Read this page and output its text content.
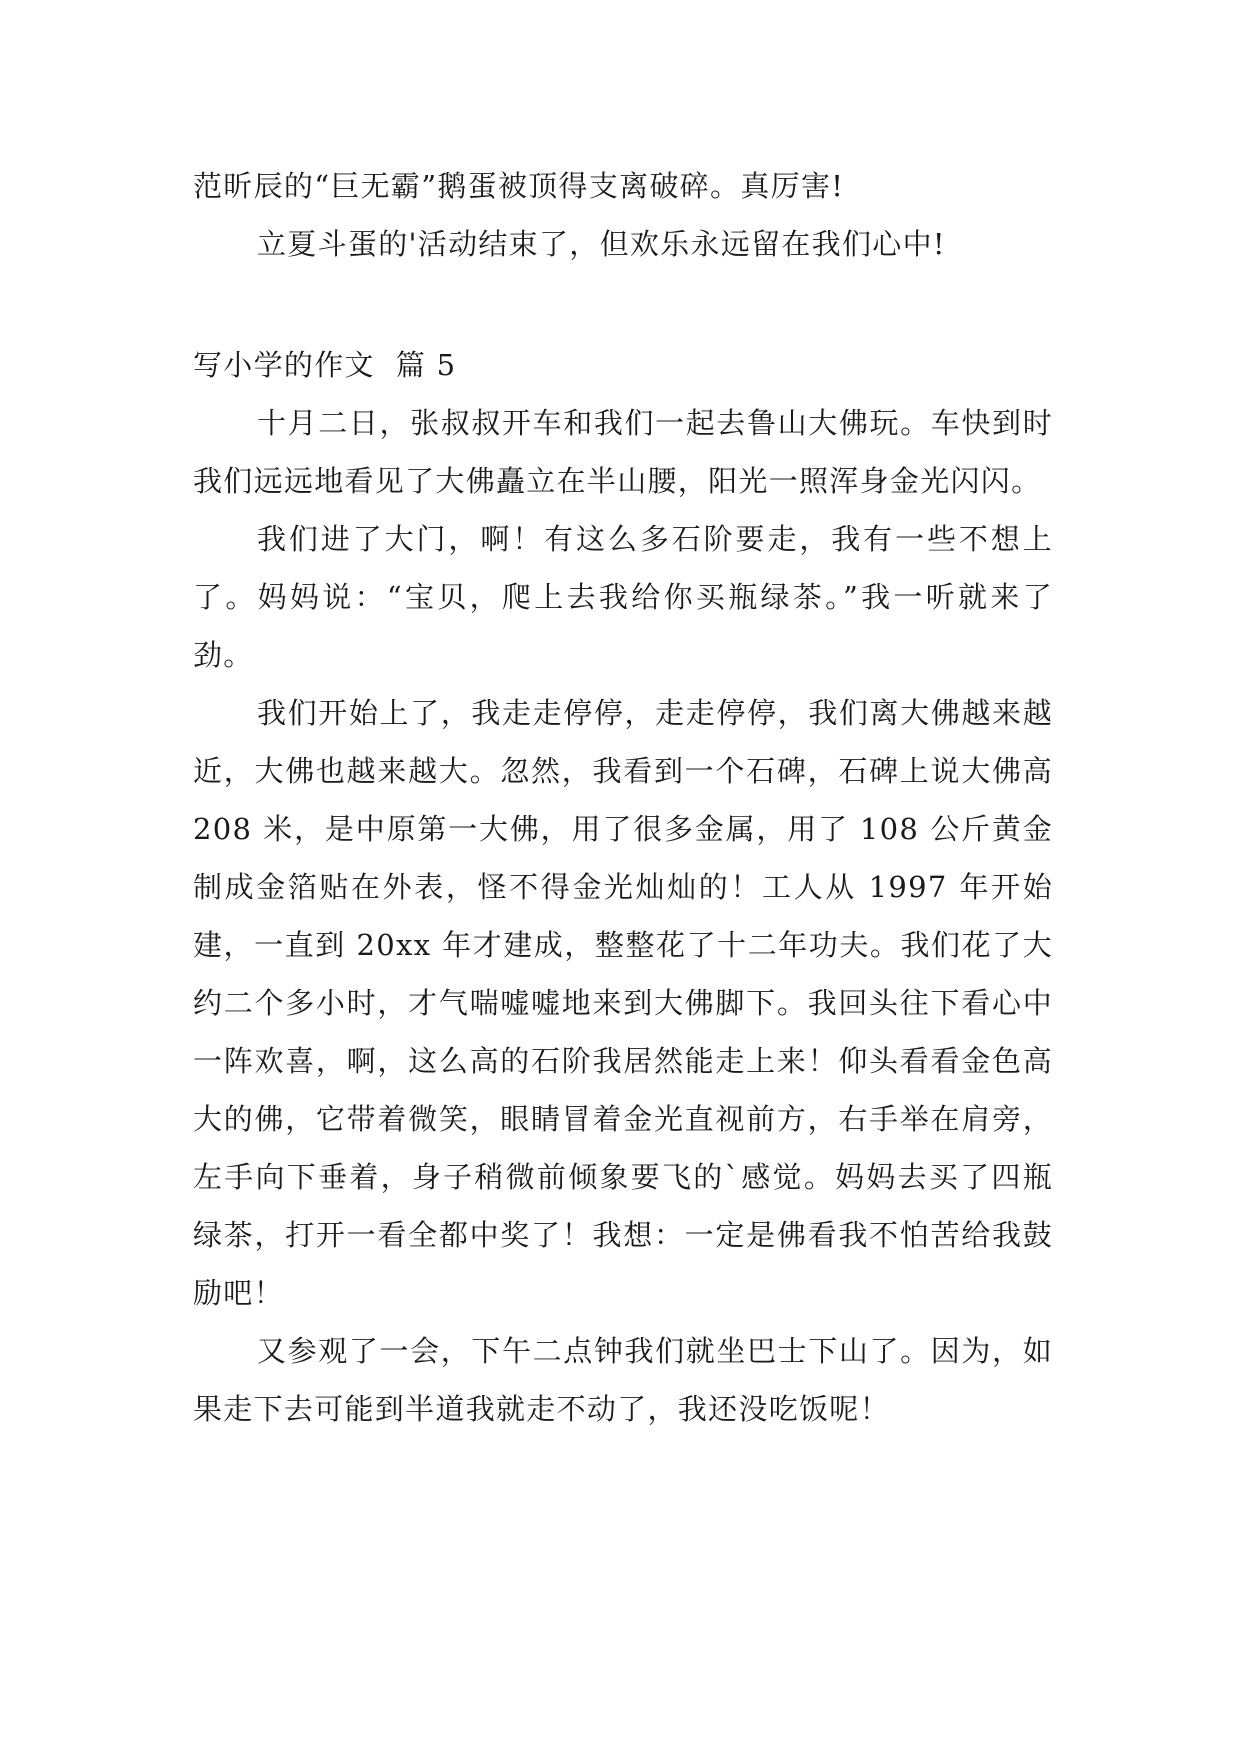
范昕辰的“巨无霸”鹅蛋被顶得支离破碎。真厉害!

立夏斗蛋的'活动结束了，但欢乐永远留在我们心中!

写小学的作文  篇 5

十月二日，张叔叔开车和我们一起去鲁山大佛玩。车快到时我们远远地看见了大佛矗立在半山腰，阳光一照浑身金光闪闪。

我们进了大门，啊！有这么多石阶要走，我有一些不想上了。妈妈说：“宝贝，爬上去我给你买瓶绿茶。”我一听就来了劲。

我们开始上了，我走走停停，走走停停，我们离大佛越来越近，大佛也越来越大。忽然，我看到一个石碑，石碑上说大佛高 208 米，是中原第一大佛，用了很多金属，用了 108 公斤黄金制成金箔贴在外表，怪不得金光灿灿的！工人从 1997 年开始建，一直到 20xx 年才建成，整整花了十二年功夫。我们花了大约二个多小时，才气喘嘘嘘地来到大佛脚下。我回头往下看心中一阵欢喜，啊，这么高的石阶我居然能走上来！仰头看看金色高大的佛，它带着微笑，眼睛冒着金光直视前方，右手举在肩旁，左手向下垂着，身子稍微前倾象要飞的`感觉。妈妈去买了四瓶绿茶，打开一看全都中奖了！我想：一定是佛看我不怕苦给我鼓励吧！

又参观了一会，下午二点钟我们就坐巴士下山了。因为，如果走下去可能到半道我就走不动了，我还没吃饭呢！
